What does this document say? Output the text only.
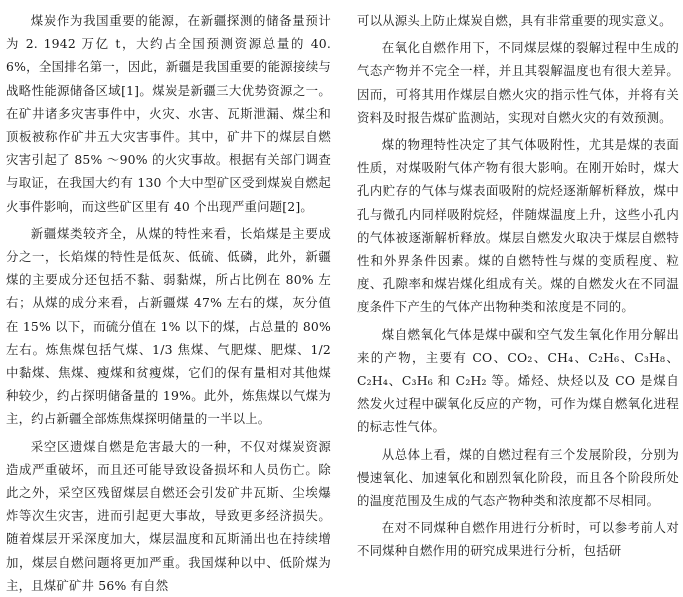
煤炭作为我国重要的能源，在新疆探测的储备量预计为 2. 1942 万亿 t，大约占全国预测资源总量的 40. 6%，全国排名第一，因此，新疆是我国重要的能源接续与战略性能源储备区域[1]。煤炭是新疆三大优势资源之一。在矿井诸多灾害事件中，火灾、水害、瓦斯泄漏、煤尘和顶板被称作矿井五大灾害事件。其中，矿井下的煤层自燃灾害引起了 85% ～90% 的火灾事故。根据有关部门调查与取证，在我国大约有 130 个大中型矿区受到煤炭自燃起火事件影响，而这些矿区里有 40 个出现严重问题[2]。

新疆煤类较齐全，从煤的特性来看，长焰煤是主要成分之一，长焰煤的特性是低灰、低硫、低磷，此外，新疆煤的主要成分还包括不黏、弱黏煤，所占比例在 80% 左右；从煤的成分来看，占新疆煤 47% 左右的煤，灰分值在 15% 以下，而硫分值在 1% 以下的煤，占总量的 80% 左右。炼焦煤包括气煤、1/3 焦煤、气肥煤、肥煤、1/2 中黏煤、焦煤、瘦煤和贫瘦煤，它们的保有量相对其他煤种较少，约占探明储备量的 19%。此外，炼焦煤以气煤为主，约占新疆全部炼焦煤探明储量的一半以上。

采空区遗煤自燃是危害最大的一种，不仅对煤炭资源造成严重破坏，而且还可能导致设备损坏和人员伤亡。除此之外，采空区残留煤层自燃还会引发矿井瓦斯、尘埃爆炸等次生灾害，进而引起更大事故，导致更多经济损失。随着煤层开采深度加大，煤层温度和瓦斯涌出也在持续增加，煤层自燃问题将更加严重。我国煤种以中、低阶煤为主，且煤矿矿井 56% 有自然

可以从源头上防止煤炭自燃，具有非常重要的现实意义。

在氧化自燃作用下，不同煤层煤的裂解过程中生成的气态产物并不完全一样，并且其裂解温度也有很大差异。因而，可将其用作煤层自燃火灾的指示性气体，并将有关资料及时报告煤矿监测站，实现对自燃火灾的有效预测。

煤的物理特性决定了其气体吸附性，尤其是煤的表面性质，对煤吸附气体产物有很大影响。在刚开始时，煤大孔内贮存的气体与煤表面吸附的烷烃逐渐解析释放，煤中孔与微孔内同样吸附烷烃，伴随煤温度上升，这些小孔内的气体被逐渐解析释放。煤层自燃发火取决于煤层自燃特性和外界条件因素。煤的自燃特性与煤的变质程度、粒度、孔隙率和煤岩煤化组成有关。煤的自燃发火在不同温度条件下产生的气体产出物种类和浓度是不同的。

煤自燃氧化气体是煤中碳和空气发生氧化作用分解出来的产物，主要有 CO、CO₂、CH₄、C₂H₆、C₃H₈、C₂H₄、C₃H₆ 和 C₂H₂ 等。烯烃、炔烃以及 CO 是煤自然发火过程中碳氧化反应的产物，可作为煤自燃氧化进程的标志性气体。

从总体上看，煤的自燃过程有三个发展阶段，分别为慢速氧化、加速氧化和剧烈氧化阶段，而且各个阶段所处的温度范围及生成的气态产物种类和浓度都不尽相同。

在对不同煤种自燃作用进行分析时，可以参考前人对不同煤种自燃作用的研究成果进行分析，包括研
